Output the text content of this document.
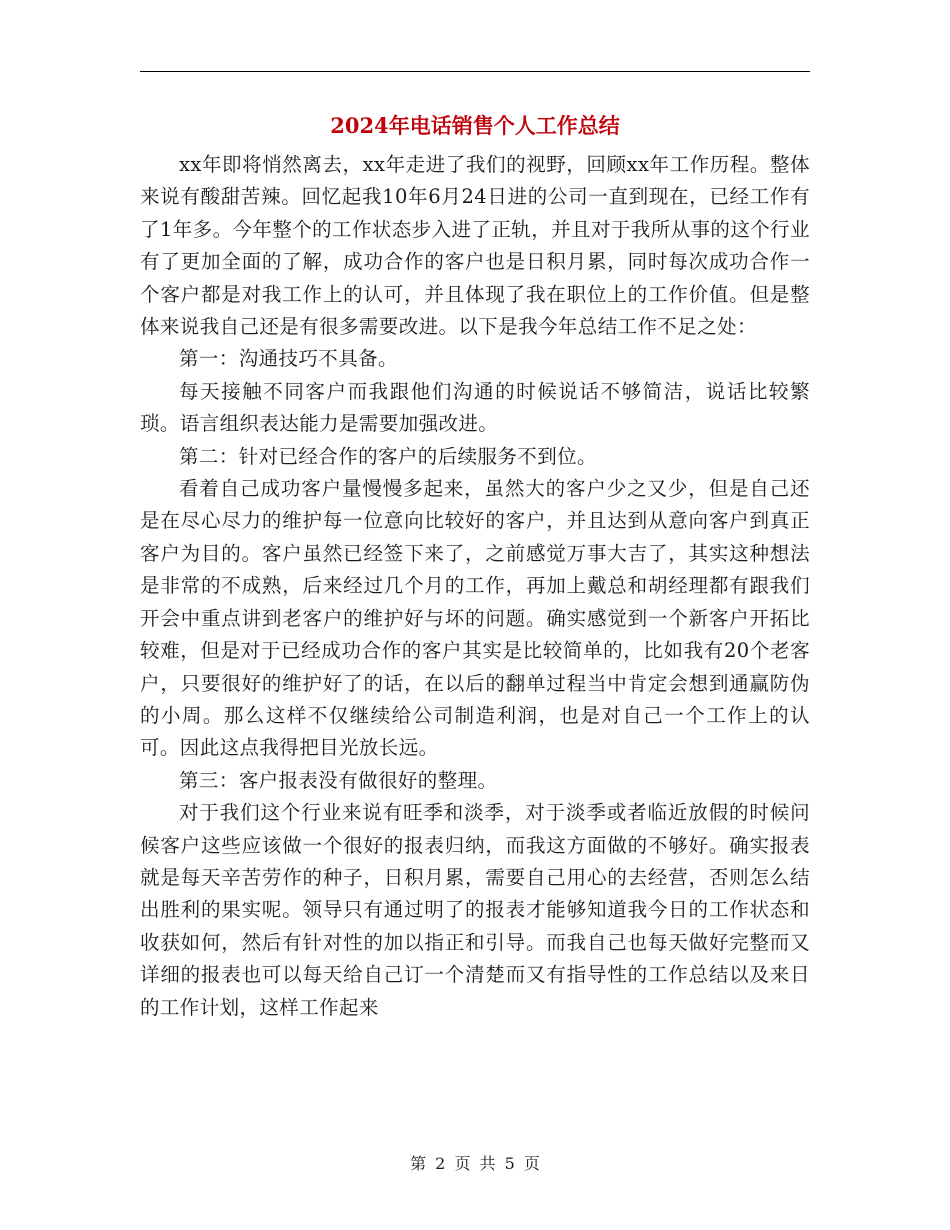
2024年电话销售个人工作总结

xx年即将悄然离去，xx年走进了我们的视野，回顾xx年工作历程。整体来说有酸甜苦辣。回忆起我10年6月24日进的公司一直到现在，已经工作有了1年多。今年整个的工作状态步入进了正轨，并且对于我所从事的这个行业有了更加全面的了解，成功合作的客户也是日积月累，同时每次成功合作一个客户都是对我工作上的认可，并且体现了我在职位上的工作价值。但是整体来说我自己还是有很多需要改进。以下是我今年总结工作不足之处：

第一：沟通技巧不具备。

每天接触不同客户而我跟他们沟通的时候说话不够简洁，说话比较繁琐。语言组织表达能力是需要加强改进。

第二：针对已经合作的客户的后续服务不到位。

看着自己成功客户量慢慢多起来，虽然大的客户少之又少，但是自己还是在尽心尽力的维护每一位意向比较好的客户，并且达到从意向客户到真正客户为目的。客户虽然已经签下来了，之前感觉万事大吉了，其实这种想法是非常的不成熟，后来经过几个月的工作，再加上戴总和胡经理都有跟我们开会中重点讲到老客户的维护好与坏的问题。确实感觉到一个新客户开拓比较难，但是对于已经成功合作的客户其实是比较简单的，比如我有20个老客户，只要很好的维护好了的话，在以后的翻单过程当中肯定会想到通赢防伪的小周。那么这样不仅继续给公司制造利润，也是对自己一个工作上的认可。因此这点我得把目光放长远。

第三：客户报表没有做很好的整理。

对于我们这个行业来说有旺季和淡季，对于淡季或者临近放假的时候问候客户这些应该做一个很好的报表归纳，而我这方面做的不够好。确实报表就是每天辛苦劳作的种子，日积月累，需要自己用心的去经营，否则怎么结出胜利的果实呢。领导只有通过明了的报表才能够知道我今日的工作状态和收获如何，然后有针对性的加以指正和引导。而我自己也每天做好完整而又详细的报表也可以每天给自己订一个清楚而又有指导性的工作总结以及来日的工作计划，这样工作起来

第 2 页 共 5 页
